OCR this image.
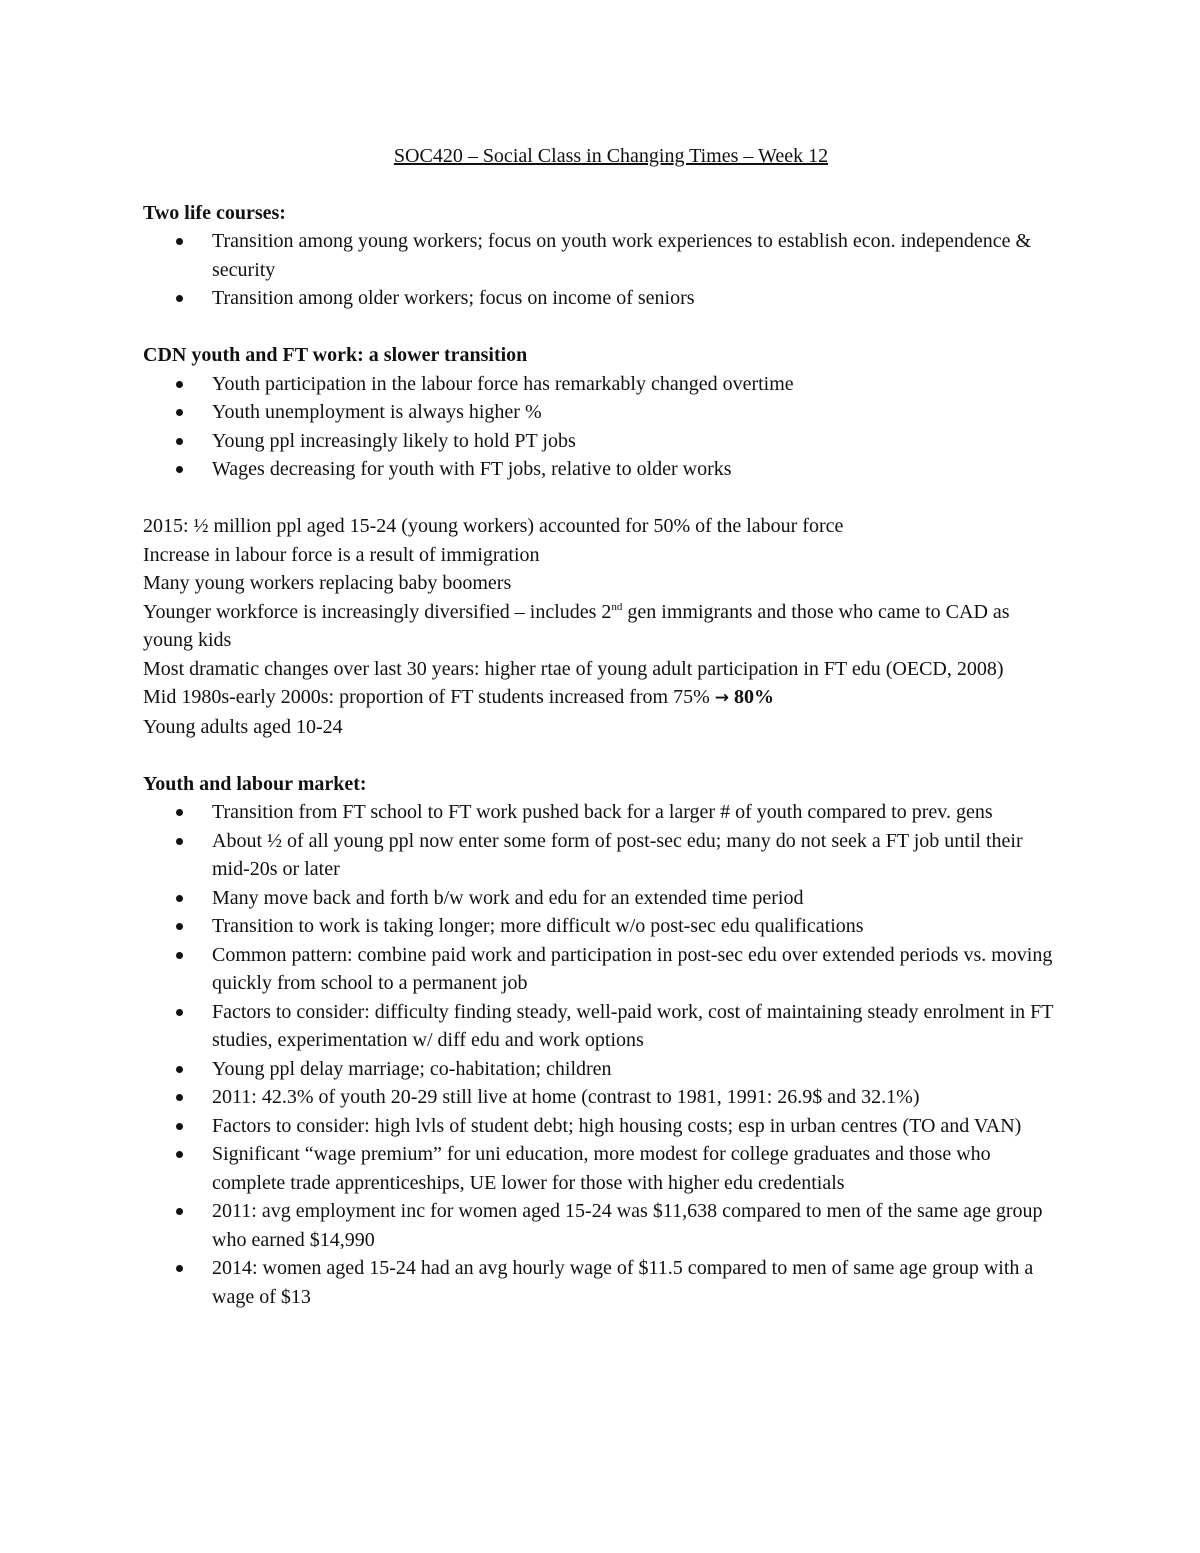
SOC420 – Social Class in Changing Times – Week 12
Two life courses:
Transition among young workers; focus on youth work experiences to establish econ. independence & security
Transition among older workers; focus on income of seniors
CDN youth and FT work: a slower transition
Youth participation in the labour force has remarkably changed overtime
Youth unemployment is always higher %
Young ppl increasingly likely to hold PT jobs
Wages decreasing for youth with FT jobs, relative to older works

2015: ½ million ppl aged 15-24 (young workers) accounted for 50% of the labour force

Increase in labour force is a result of immigration

Many young workers replacing baby boomers

Younger workforce is increasingly diversified – includes 2nd gen immigrants and those who came to CAD as young kids

Most dramatic changes over last 30 years: higher rtae of young adult participation in FT edu (OECD, 2008)

Mid 1980s-early 2000s: proportion of FT students increased from 75% → 80%

Young adults aged 10-24

Youth and labour market:
Transition from FT school to FT work pushed back for a larger # of youth compared to prev. gens
About ½ of all young ppl now enter some form of post-sec edu; many do not seek a FT job until their mid-20s or later
Many move back and forth b/w work and edu for an extended time period
Transition to work is taking longer; more difficult w/o post-sec edu qualifications
Common pattern: combine paid work and participation in post-sec edu over extended periods vs. moving quickly from school to a permanent job
Factors to consider: difficulty finding steady, well-paid work, cost of maintaining steady enrolment in FT studies, experimentation w/ diff edu and work options
Young ppl delay marriage; co-habitation; children
2011: 42.3% of youth 20-29 still live at home (contrast to 1981, 1991: 26.9$ and 32.1%)
Factors to consider: high lvls of student debt; high housing costs; esp in urban centres (TO and VAN)
Significant “wage premium” for uni education, more modest for college graduates and those who complete trade apprenticeships, UE lower for those with higher edu credentials
2011: avg employment inc for women aged 15-24 was $11,638 compared to men of the same age group who earned $14,990
2014: women aged 15-24 had an avg hourly wage of $11.5 compared to men of same age group with a wage of $13
